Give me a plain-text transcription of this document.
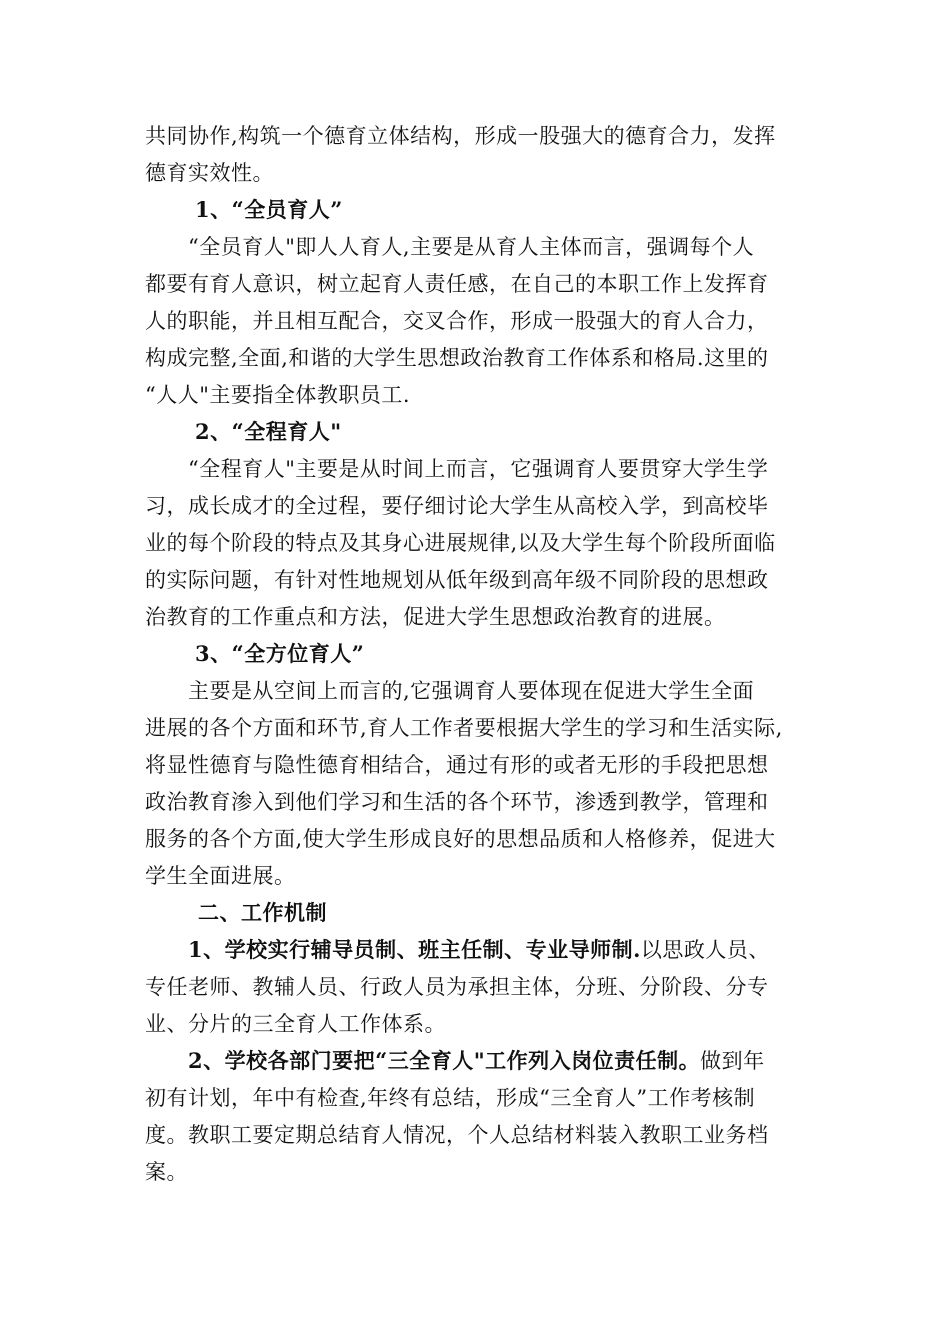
共同协作,构筑一个德育立体结构，形成一股强大的德育合力，发挥
德育实效性。
1、“全员育人”
“全员育人"即人人育人,主要是从育人主体而言，强调每个人
都要有育人意识，树立起育人责任感，在自己的本职工作上发挥育
人的职能，并且相互配合，交叉合作，形成一股强大的育人合力，
构成完整,全面,和谐的大学生思想政治教育工作体系和格局.这里的
“人人"主要指全体教职员工.
2、“全程育人"
“全程育人"主要是从时间上而言，它强调育人要贯穿大学生学
习，成长成才的全过程，要仔细讨论大学生从高校入学，到高校毕
业的每个阶段的特点及其身心进展规律,以及大学生每个阶段所面临
的实际问题，有针对性地规划从低年级到高年级不同阶段的思想政
治教育的工作重点和方法，促进大学生思想政治教育的进展。
3、“全方位育人”
主要是从空间上而言的,它强调育人要体现在促进大学生全面
进展的各个方面和环节,育人工作者要根据大学生的学习和生活实际,
将显性德育与隐性德育相结合，通过有形的或者无形的手段把思想
政治教育渗入到他们学习和生活的各个环节，渗透到教学，管理和
服务的各个方面,使大学生形成良好的思想品质和人格修养，促进大
学生全面进展。
二、工作机制
1、学校实行辅导员制、班主任制、专业导师制.以思政人员、
专任老师、教辅人员、行政人员为承担主体，分班、分阶段、分专
业、分片的三全育人工作体系。
2、学校各部门要把“三全育人"工作列入岗位责任制。做到年
初有计划，年中有检查,年终有总结，形成“三全育人”工作考核制
度。教职工要定期总结育人情况，个人总结材料装入教职工业务档
案。
